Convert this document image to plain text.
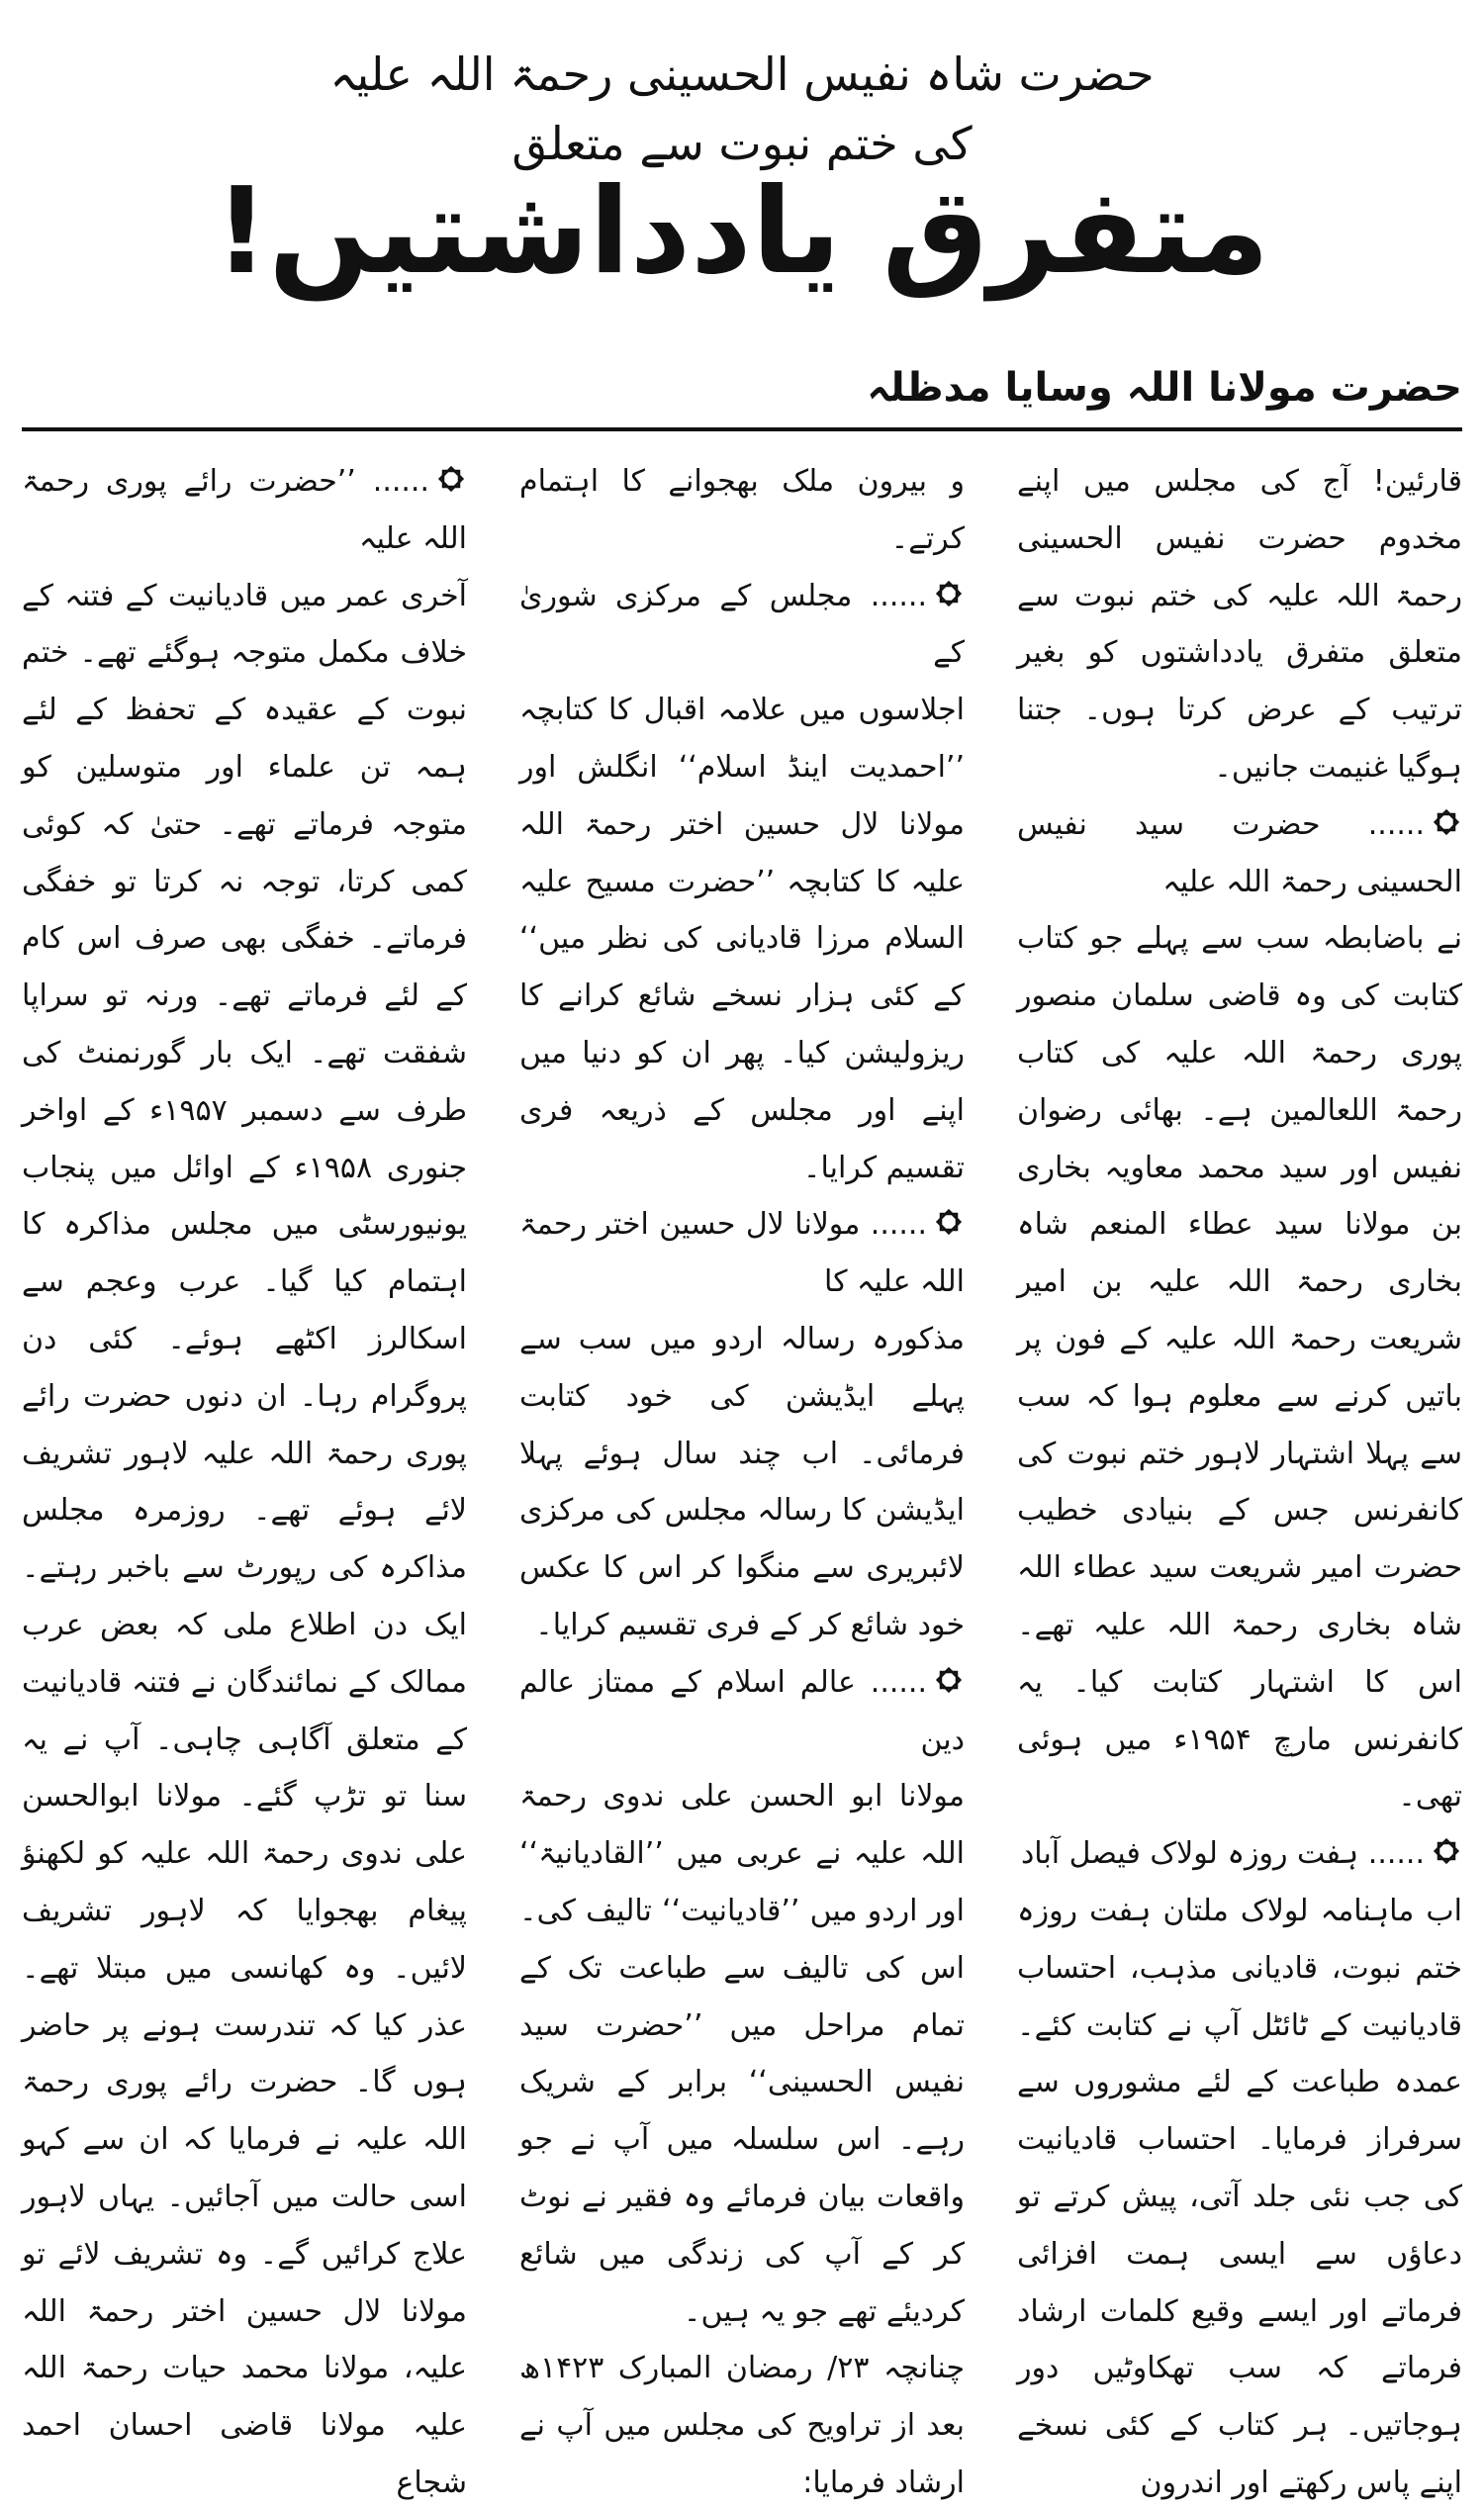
حضرت شاہ نفیس الحسینی رحمۃ اللہ علیہ کی ختم نبوت سے متعلق
متفرق یادداشتیں!
حضرت مولانا اللہ وسایا مدظلہ

قارئین! آج کی مجلس میں اپنے مخدوم حضرت نفیس الحسینی رحمۃ اللہ علیہ کی ختم نبوت سے متعلق متفرق یادداشتوں کو بغیر ترتیب کے عرض کرتا ہوں۔ جتنا ہوگیا غنیمت جانیں۔

...... حضرت سید نفیس الحسینی رحمۃ اللہ علیہ

نے باضابطہ سب سے پہلے جو کتاب کتابت کی وہ قاضی سلمان منصور پوری رحمۃ اللہ علیہ کی کتاب رحمۃ اللعالمین ہے۔ بھائی رضوان نفیس اور سید محمد معاویہ بخاری بن مولانا سید عطاء المنعم شاہ بخاری رحمۃ اللہ علیہ بن امیر شریعت رحمۃ اللہ علیہ کے فون پر باتیں کرنے سے معلوم ہوا کہ سب سے پہلا اشتہار لاہور ختم نبوت کی کانفرنس جس کے بنیادی خطیب حضرت امیر شریعت سید عطاء اللہ شاہ بخاری رحمۃ اللہ علیہ تھے۔ اس کا اشتہار کتابت کیا۔ یہ کانفرنس مارچ ۱۹۵۴ء میں ہوئی تھی۔

...... ہفت روزہ لولاک فیصل آباد

اب ماہنامہ لولاک ملتان ہفت روزہ ختم نبوت، قادیانی مذہب، احتساب قادیانیت کے ٹائٹل آپ نے کتابت کئے۔ عمدہ طباعت کے لئے مشوروں سے سرفراز فرمایا۔ احتساب قادیانیت کی جب نئی جلد آتی، پیش کرتے تو دعاؤں سے ایسی ہمت افزائی فرماتے اور ایسے وقیع کلمات ارشاد فرماتے کہ سب تھکاوٹیں دور ہوجاتیں۔ ہر کتاب کے کئی نسخے اپنے پاس رکھتے اور اندرون

و بیرون ملک بھجوانے کا اہتمام کرتے۔

...... مجلس کے مرکزی شوریٰ کے

اجلاسوں میں علامہ اقبال کا کتابچہ ’’احمدیت اینڈ اسلام‘‘ انگلش اور مولانا لال حسین اختر رحمۃ اللہ علیہ کا کتابچہ ’’حضرت مسیح علیہ السلام مرزا قادیانی کی نظر میں‘‘ کے کئی ہزار نسخے شائع کرانے کا ریزولیشن کیا۔ پھر ان کو دنیا میں اپنے اور مجلس کے ذریعہ فری تقسیم کرایا۔

...... مولانا لال حسین اختر رحمۃ اللہ علیہ کا

مذکورہ رسالہ اردو میں سب سے پہلے ایڈیشن کی خود کتابت فرمائی۔ اب چند سال ہوئے پہلا ایڈیشن کا رسالہ مجلس کی مرکزی لائبریری سے منگوا کر اس کا عکس خود شائع کر کے فری تقسیم کرایا۔

...... عالم اسلام کے ممتاز عالم دین

مولانا ابو الحسن علی ندوی رحمۃ اللہ علیہ نے عربی میں ’’القادیانیۃ‘‘ اور اردو میں ’’قادیانیت‘‘ تالیف کی۔ اس کی تالیف سے طباعت تک کے تمام مراحل میں ’’حضرت سید نفیس الحسینی‘‘ برابر کے شریک رہے۔ اس سلسلہ میں آپ نے جو واقعات بیان فرمائے وہ فقیر نے نوٹ کر کے آپ کی زندگی میں شائع کردیئے تھے جو یہ ہیں۔

چنانچہ ۲۳/ رمضان المبارک ۱۴۲۳ھ بعد از تراویح کی مجلس میں آپ نے ارشاد فرمایا:

...... ’’حضرت رائے پوری رحمۃ اللہ علیہ

آخری عمر میں قادیانیت کے فتنہ کے خلاف مکمل متوجہ ہوگئے تھے۔ ختم نبوت کے عقیدہ کے تحفظ کے لئے ہمہ تن علماء اور متوسلین کو متوجہ فرماتے تھے۔ حتیٰ کہ کوئی کمی کرتا، توجہ نہ کرتا تو خفگی فرماتے۔ خفگی بھی صرف اس کام کے لئے فرماتے تھے۔ ورنہ تو سراپا شفقت تھے۔ ایک بار گورنمنٹ کی طرف سے دسمبر ۱۹۵۷ء کے اواخر جنوری ۱۹۵۸ء کے اوائل میں پنجاب یونیورسٹی میں مجلس مذاکرہ کا اہتمام کیا گیا۔ عرب وعجم سے اسکالرز اکٹھے ہوئے۔ کئی دن پروگرام رہا۔ ان دنوں حضرت رائے پوری رحمۃ اللہ علیہ لاہور تشریف لائے ہوئے تھے۔ روزمرہ مجلس مذاکرہ کی رپورٹ سے باخبر رہتے۔ ایک دن اطلاع ملی کہ بعض عرب ممالک کے نمائندگان نے فتنہ قادیانیت کے متعلق آگاہی چاہی۔ آپ نے یہ سنا تو تڑپ گئے۔ مولانا ابوالحسن علی ندوی رحمۃ اللہ علیہ کو لکھنؤ پیغام بھجوایا کہ لاہور تشریف لائیں۔ وہ کھانسی میں مبتلا تھے۔ عذر کیا کہ تندرست ہونے پر حاضر ہوں گا۔ حضرت رائے پوری رحمۃ اللہ علیہ نے فرمایا کہ ان سے کہو اسی حالت میں آجائیں۔ یہاں لاہور علاج کرائیں گے۔ وہ تشریف لائے تو مولانا لال حسین اختر رحمۃ اللہ علیہ، مولانا محمد حیات رحمۃ اللہ علیہ مولانا قاضی احسان احمد شجاع
